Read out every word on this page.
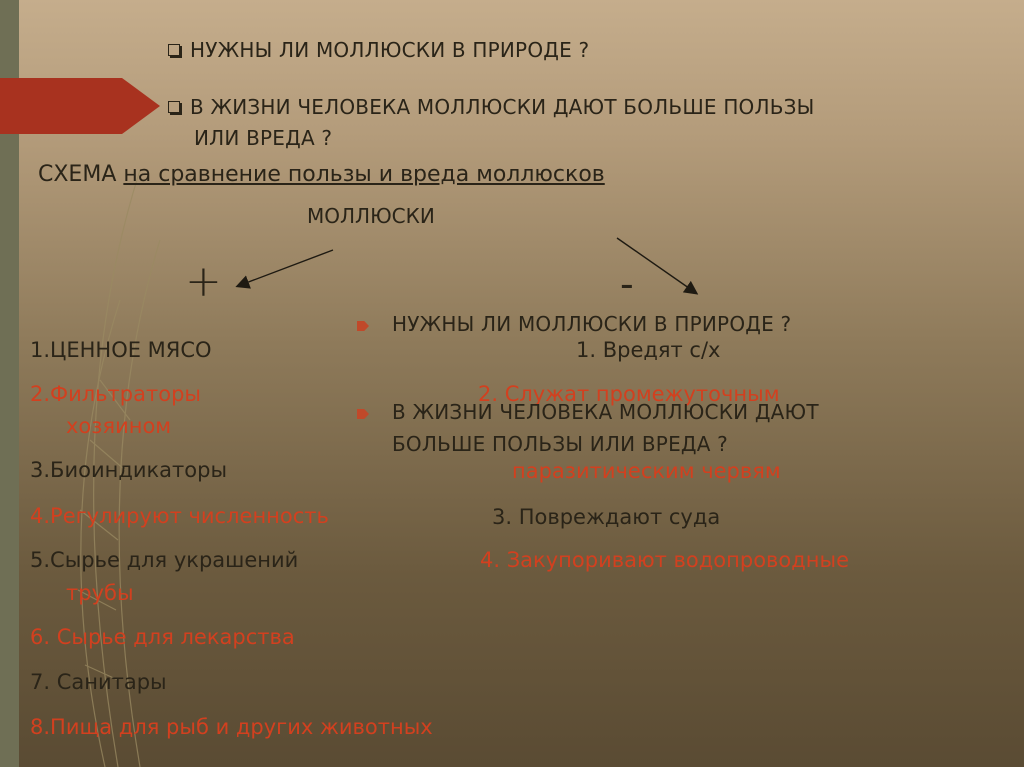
НУЖНЫ ЛИ МОЛЛЮСКИ В ПРИРОДЕ ?

В ЖИЗНИ ЧЕЛОВЕКА МОЛЛЮСКИ ДАЮТ БОЛЬШЕ ПОЛЬЗЫ

ИЛИ ВРЕДА ?

СХЕМА на сравнение пользы и вреда моллюсков

МОЛЛЮСКИ

+	-

1.ЦЕННОЕ МЯСО

2.Фильтраторы

3.Биоиндикаторы

4.Регулируют численность

5.Сырье для украшений

6. Сырье для лекарства

7. Санитары

8.Пища для рыб и других животных

1. Вредят с/х

2. Служат промежуточным

хозяином

паразитическим червям

3. Повреждают суда

4. Закупоривают водопроводные

трубы

НУЖНЫ ЛИ МОЛЛЮСКИ В ПРИРОДЕ ?

В ЖИЗНИ ЧЕЛОВЕКА МОЛЛЮСКИ ДАЮТ

БОЛЬШЕ ПОЛЬЗЫ ИЛИ ВРЕДА ?
